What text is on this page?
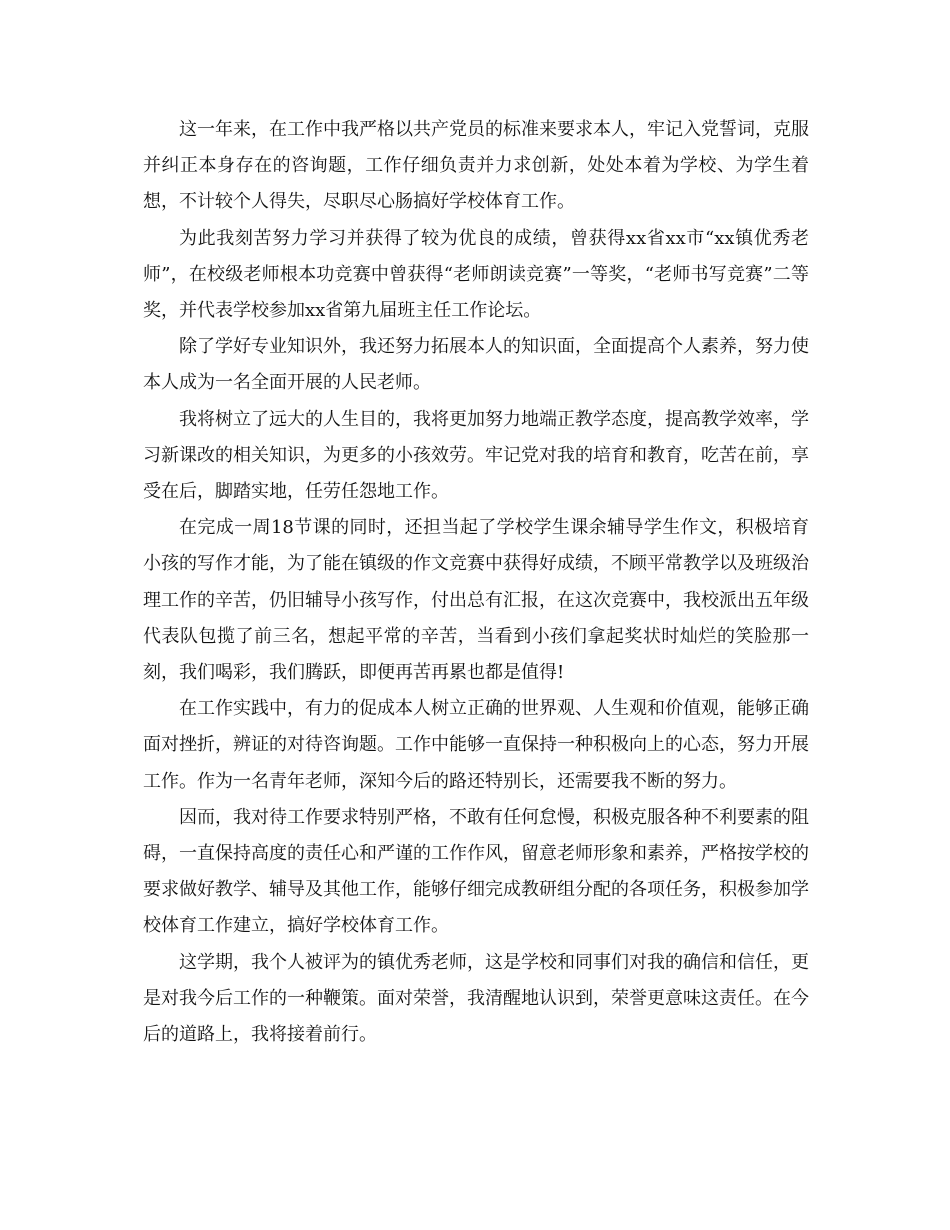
这一年来，在工作中我严格以共产党员的标准来要求本人，牢记入党誓词，克服并纠正本身存在的咨询题，工作仔细负责并力求创新，处处本着为学校、为学生着想，不计较个人得失，尽职尽心肠搞好学校体育工作。

为此我刻苦努力学习并获得了较为优良的成绩，曾获得xx省xx市“xx镇优秀老师”，在校级老师根本功竞赛中曾获得“老师朗读竞赛”一等奖，“老师书写竞赛”二等奖，并代表学校参加xx省第九届班主任工作论坛。

除了学好专业知识外，我还努力拓展本人的知识面，全面提高个人素养，努力使本人成为一名全面开展的人民老师。

我将树立了远大的人生目的，我将更加努力地端正教学态度，提高教学效率，学习新课改的相关知识，为更多的小孩效劳。牢记党对我的培育和教育，吃苦在前，享受在后，脚踏实地，任劳任怨地工作。

在完成一周18节课的同时，还担当起了学校学生课余辅导学生作文，积极培育小孩的写作才能，为了能在镇级的作文竞赛中获得好成绩，不顾平常教学以及班级治理工作的辛苦，仍旧辅导小孩写作，付出总有汇报，在这次竞赛中，我校派出五年级代表队包揽了前三名，想起平常的辛苦，当看到小孩们拿起奖状时灿烂的笑脸那一刻，我们喝彩，我们腾跃，即便再苦再累也都是值得!

在工作实践中，有力的促成本人树立正确的世界观、人生观和价值观，能够正确面对挫折，辨证的对待咨询题。工作中能够一直保持一种积极向上的心态，努力开展工作。作为一名青年老师，深知今后的路还特别长，还需要我不断的努力。

因而，我对待工作要求特别严格，不敢有任何怠慢，积极克服各种不利要素的阻碍，一直保持高度的责任心和严谨的工作作风，留意老师形象和素养，严格按学校的要求做好教学、辅导及其他工作，能够仔细完成教研组分配的各项任务，积极参加学校体育工作建立，搞好学校体育工作。

这学期，我个人被评为的镇优秀老师，这是学校和同事们对我的确信和信任，更是对我今后工作的一种鞭策。面对荣誉，我清醒地认识到，荣誉更意味这责任。在今后的道路上，我将接着前行。
